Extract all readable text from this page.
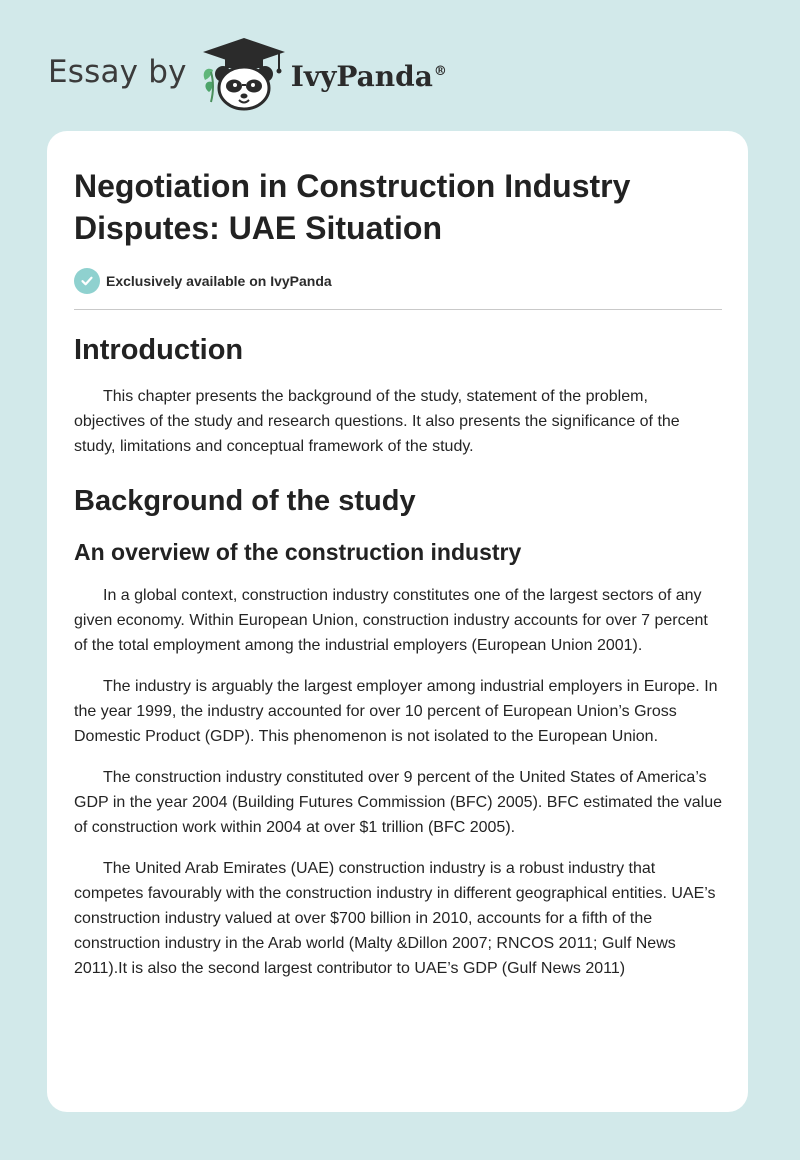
Essay by	IvyPanda®
Negotiation in Construction Industry Disputes: UAE Situation
Exclusively available on IvyPanda
Introduction

This chapter presents the background of the study, statement of the problem, objectives of the study and research questions. It also presents the significance of the study, limitations and conceptual framework of the study.

Background of the study
An overview of the construction industry

In a global context, construction industry constitutes one of the largest sectors of any given economy. Within European Union, construction industry accounts for over 7 percent of the total employment among the industrial employers (European Union 2001).

The industry is arguably the largest employer among industrial employers in Europe. In the year 1999, the industry accounted for over 10 percent of European Union’s Gross Domestic Product (GDP). This phenomenon is not isolated to the European Union.

The construction industry constituted over 9 percent of the United States of America’s GDP in the year 2004 (Building Futures Commission (BFC) 2005). BFC estimated the value of construction work within 2004 at over $1 trillion (BFC 2005).

The United Arab Emirates (UAE) construction industry is a robust industry that competes favourably with the construction industry in different geographical entities. UAE’s construction industry valued at over $700 billion in 2010, accounts for a fifth of the construction industry in the Arab world (Malty &Dillon 2007; RNCOS 2011; Gulf News 2011).It is also the second largest contributor to UAE’s GDP (Gulf News 2011)
